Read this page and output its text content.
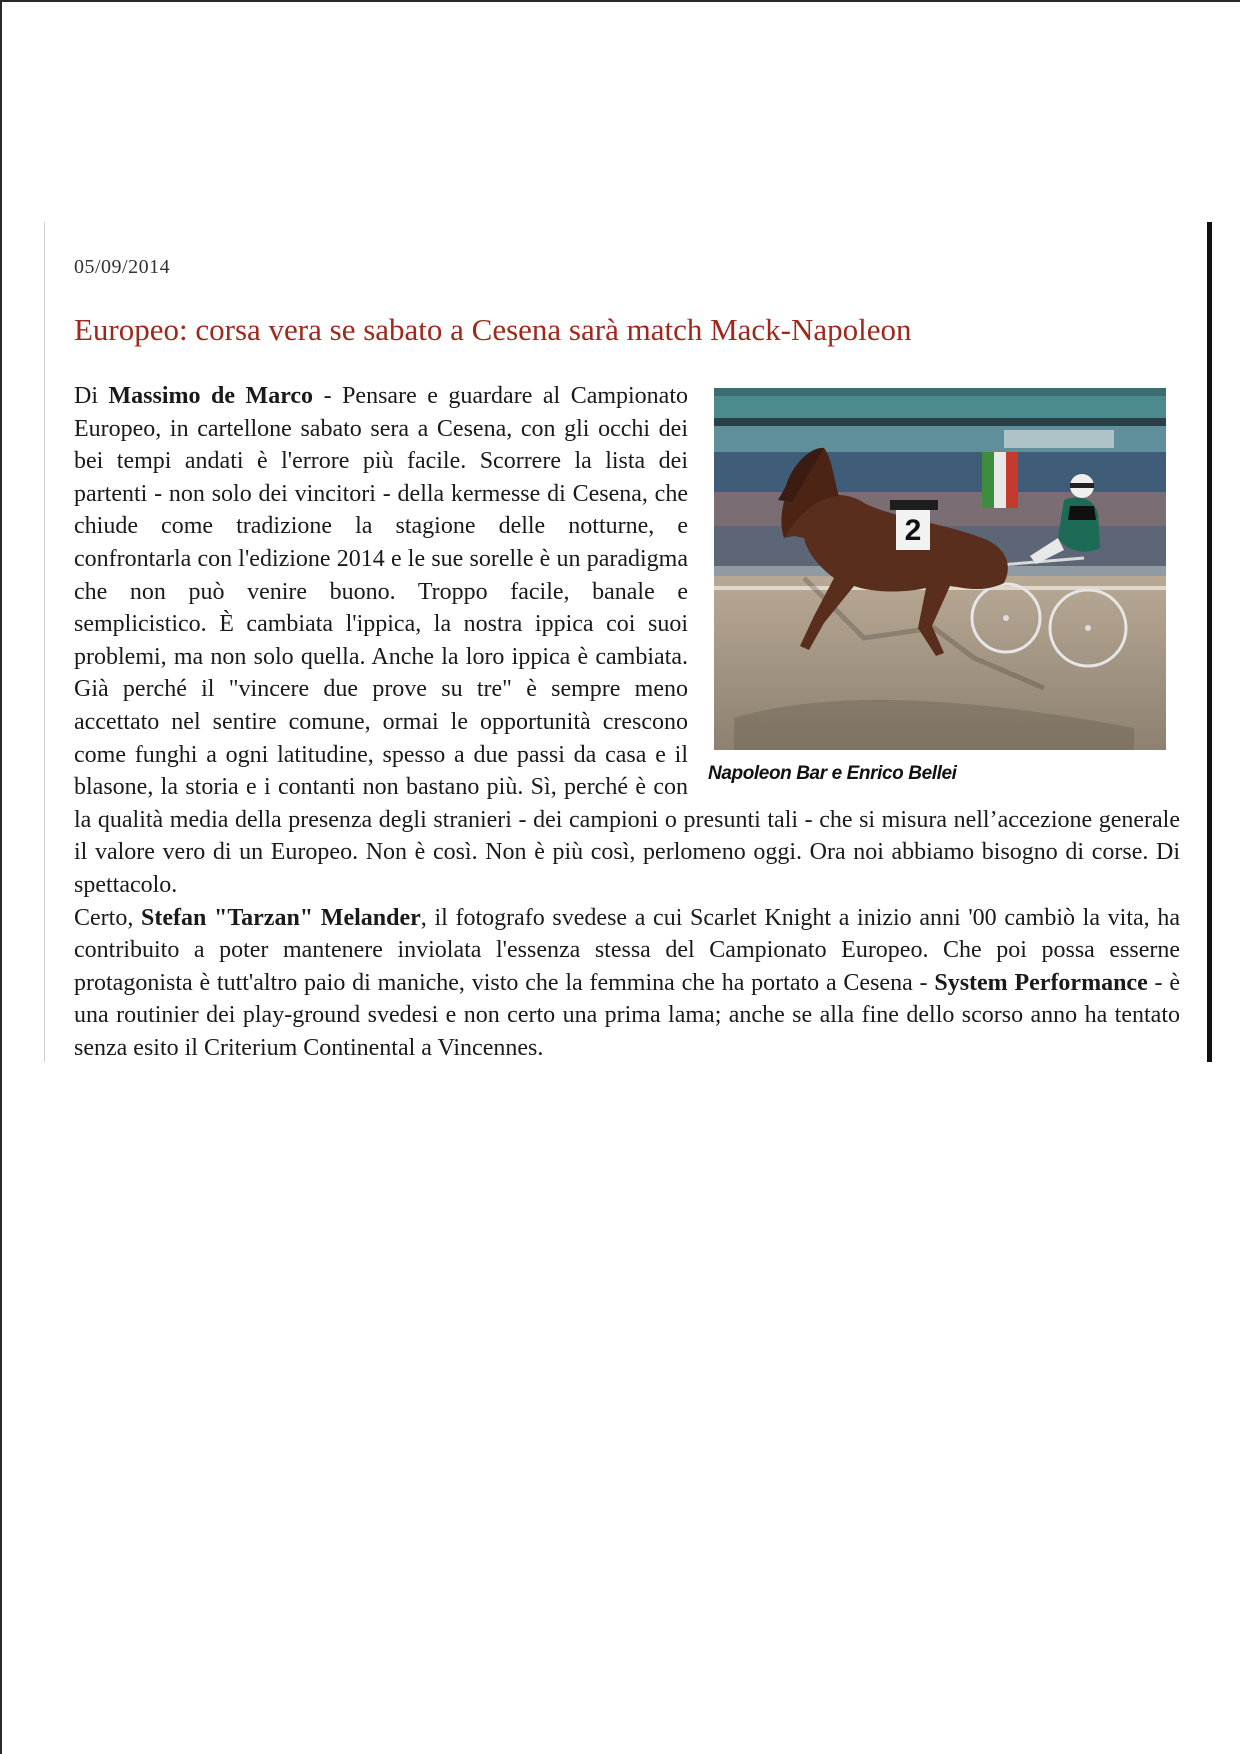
05/09/2014
Europeo: corsa vera se sabato a Cesena sarà match Mack-Napoleon
2
Napoleon Bar e Enrico Bellei

Di Massimo de Marco - Pensare e guardare al Campionato Europeo, in cartellone sabato sera a Cesena, con gli occhi dei bei tempi andati è l'errore più facile. Scorrere la lista dei partenti - non solo dei vincitori - della kermesse di Cesena, che chiude come tradizione la stagione delle notturne, e confrontarla con l'edizione 2014 e le sue sorelle è un paradigma che non può venire buono. Troppo facile, banale e semplicistico. È cambiata l'ippica, la nostra ippica coi suoi problemi, ma non solo quella. Anche la loro ippica è cambiata. Già perché il "vincere due prove su tre" è sempre meno accettato nel sentire comune, ormai le opportunità crescono come funghi a ogni latitudine, spesso a due passi da casa e il blasone, la storia e i contanti non bastano più. Sì, perché è con la qualità media della presenza degli stranieri - dei campioni o presunti tali - che si misura nell’accezione generale il valore vero di un Europeo. Non è così. Non è più così, perlomeno oggi. Ora noi abbiamo bisogno di corse. Di spettacolo.

Certo, Stefan "Tarzan" Melander, il fotografo svedese a cui Scarlet Knight a inizio anni '00 cambiò la vita, ha contribuito a poter mantenere inviolata l'essenza stessa del Campionato Europeo. Che poi possa esserne protagonista è tutt'altro paio di maniche, visto che la femmina che ha portato a Cesena - System Performance - è una routinier dei play-ground svedesi e non certo una prima lama; anche se alla fine dello scorso anno ha tentato senza esito il Criterium Continental a Vincennes.
